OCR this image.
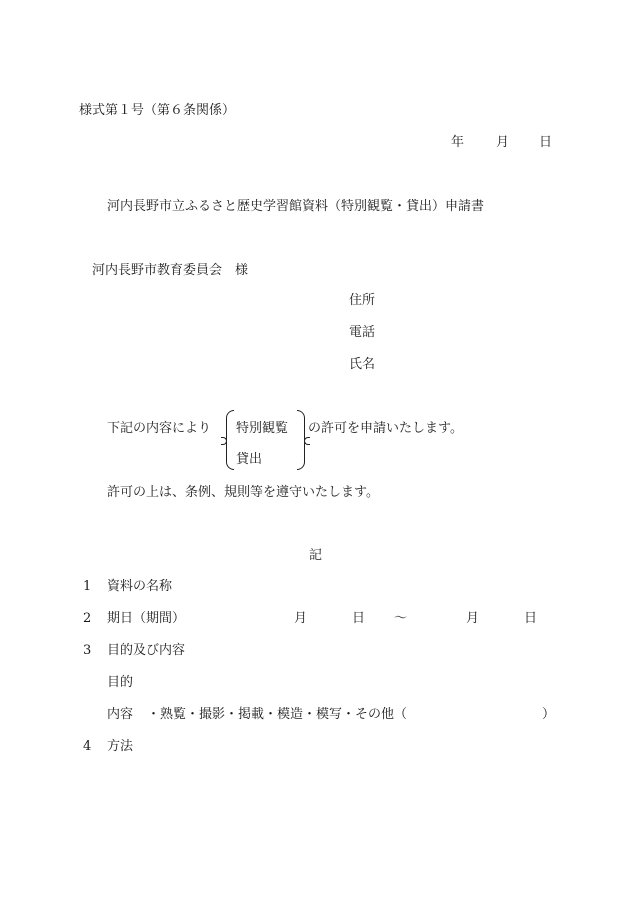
様式第１号（第６条関係）
年 月 日
河内長野市立ふるさと歴史学習館資料（特別観覧・貸出）申請書
河内長野市教育委員会　様
住所
電話
氏名
下記の内容により 特別観覧
貸出
の許可を申請いたします。
許可の上は、条例、規則等を遵守いたします。
記
1 資料の名称
2 期日（期間）	月	日 ～	月	日
3 目的及び内容
目的
内容 ・熟覧・撮影・掲載・模造・模写・その他（	）
4 方法
